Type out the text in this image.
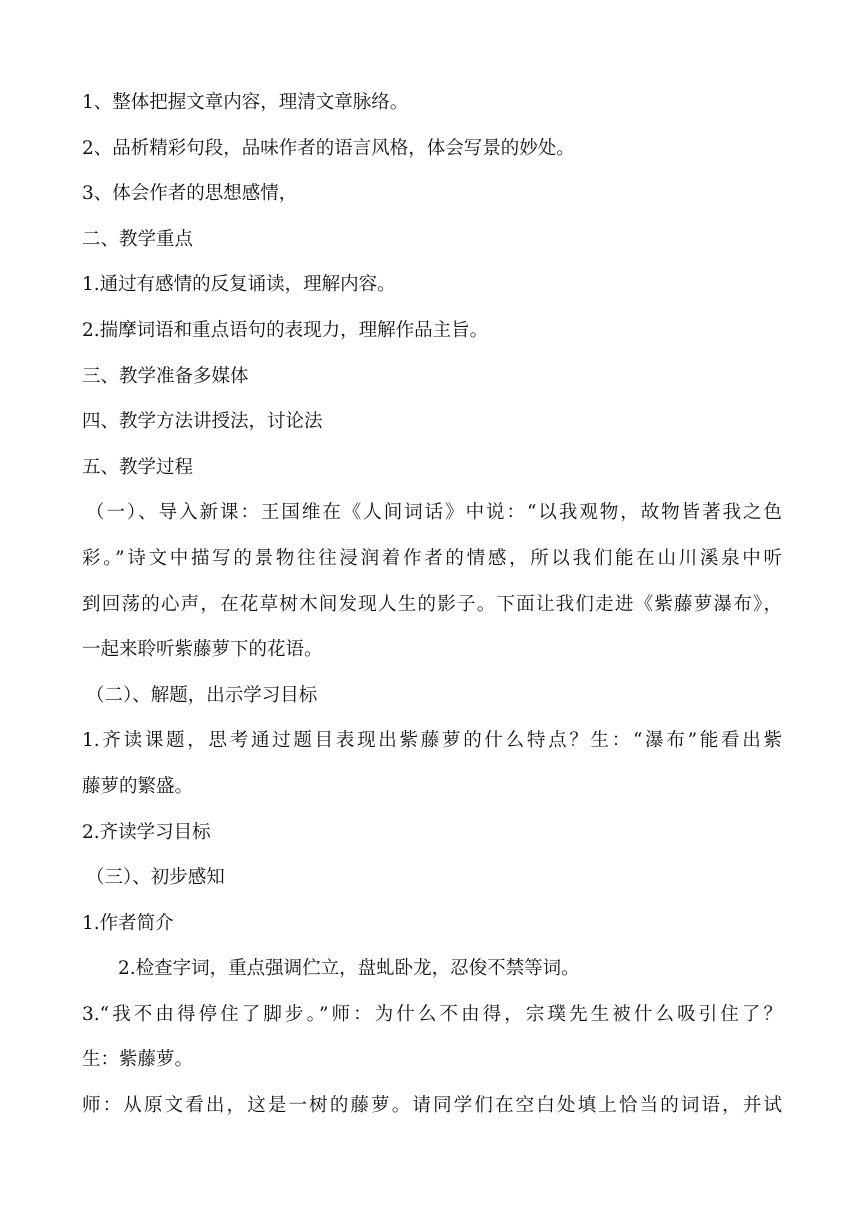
1、整体把握文章内容，理清文章脉络。
2、品析精彩句段，品味作者的语言风格，体会写景的妙处。
3、体会作者的思想感情，
二、教学重点
1.通过有感情的反复诵读，理解内容。
2.揣摩词语和重点语句的表现力，理解作品主旨。
三、教学准备多媒体
四、教学方法讲授法，讨论法
五、教学过程
（一）、导入新课：王国维在《人间词话》中说：“以我观物，故物皆著我之色
彩。”诗文中描写的景物往往浸润着作者的情感，所以我们能在山川溪泉中听
到回荡的心声，在花草树木间发现人生的影子。下面让我们走进《紫藤萝瀑布》，
一起来聆听紫藤萝下的花语。
（二）、解题，出示学习目标
1.齐读课题，思考通过题目表现出紫藤萝的什么特点？生：“瀑布”能看出紫
藤萝的繁盛。
2.齐读学习目标
（三）、初步感知
1.作者简介
2.检查字词，重点强调伫立，盘虬卧龙，忍俊不禁等词。
3.“我不由得停住了脚步。”师：为什么不由得，宗璞先生被什么吸引住了？
生：紫藤萝。
师：从原文看出，这是一树的藤萝。请同学们在空白处填上恰当的词语，并试
